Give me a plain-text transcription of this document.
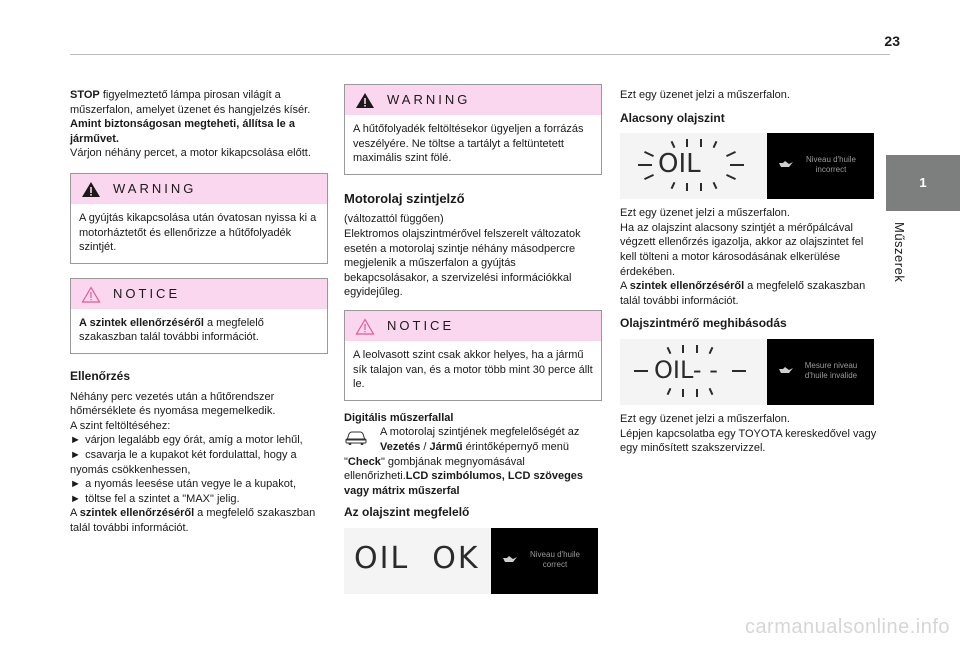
23
1
Műszerek

STOP figyelmeztető lámpa pirosan világít a műszerfalon, amelyet üzenet és hangjelzés kísér.

Amint biztonságosan megteheti, állítsa le a járművet.

Várjon néhány percet, a motor kikapcsolása előtt.

WARNING
A gyújtás kikapcsolása után óvatosan nyissa ki a motorháztetőt és ellenőrizze a hűtőfolyadék szintjét.
NOTICE
A szintek ellenőrzéséről a megfelelő szakaszban talál további információt.
Ellenőrzés

Néhány perc vezetés után a hűtőrendszer hőmérséklete és nyomása megemelkedik.

A szint feltöltéséhez:

► várjon legalább egy órát, amíg a motor lehűl,

► csavarja le a kupakot két fordulattal, hogy a nyomás csökkenhessen,

► a nyomás leesése után vegye le a kupakot,

► töltse fel a szintet a "MAX" jelig.

A szintek ellenőrzéséről a megfelelő szakaszban talál további információt.

WARNING
A hűtőfolyadék feltöltésekor ügyeljen a forrázás veszélyére. Ne töltse a tartályt a feltüntetett maximális szint fölé.
Motorolaj szintjelző

(változattól függően)
Elektromos olajszintmérővel felszerelt változatok esetén a motorolaj szintje néhány másodpercre megjelenik a műszerfalon a gyújtás bekapcsolásakor, a szervizelési információkkal egyidejűleg.

NOTICE
A leolvasott szint csak akkor helyes, ha a jármű sík talajon van, és a motor több mint 30 perce állt le.
Digitális műszerfallal

A motorolaj szintjének megfelelőségét az

Vezetés / Jármű érintőképernyő menü

"Check" gombjának megnyomásával ellenőrizheti.LCD szimbólumos, LCD szöveges vagy mátrix műszerfal

Az olajszint megfelelő
OIL  OK	Niveau d'huile
correct

Ezt egy üzenet jelzi a műszerfalon.

Alacsony olajszint
OIL	Niveau d'huile
incorrect

Ezt egy üzenet jelzi a műszerfalon.

Ha az olajszint alacsony szintjét a mérőpálcával végzett ellenőrzés igazolja, akkor az olajszintet fel kell tölteni a motor károsodásának elkerülése érdekében.

A szintek ellenőrzéséről a megfelelő szakaszban talál további információt.

Olajszintmérő meghibásodás
OIL- -	Mesure niveau
d'huile invalide

Ezt egy üzenet jelzi a műszerfalon.

Lépjen kapcsolatba egy TOYOTA kereskedővel vagy egy minősített szakszervizzel.

carmanualsonline.info
